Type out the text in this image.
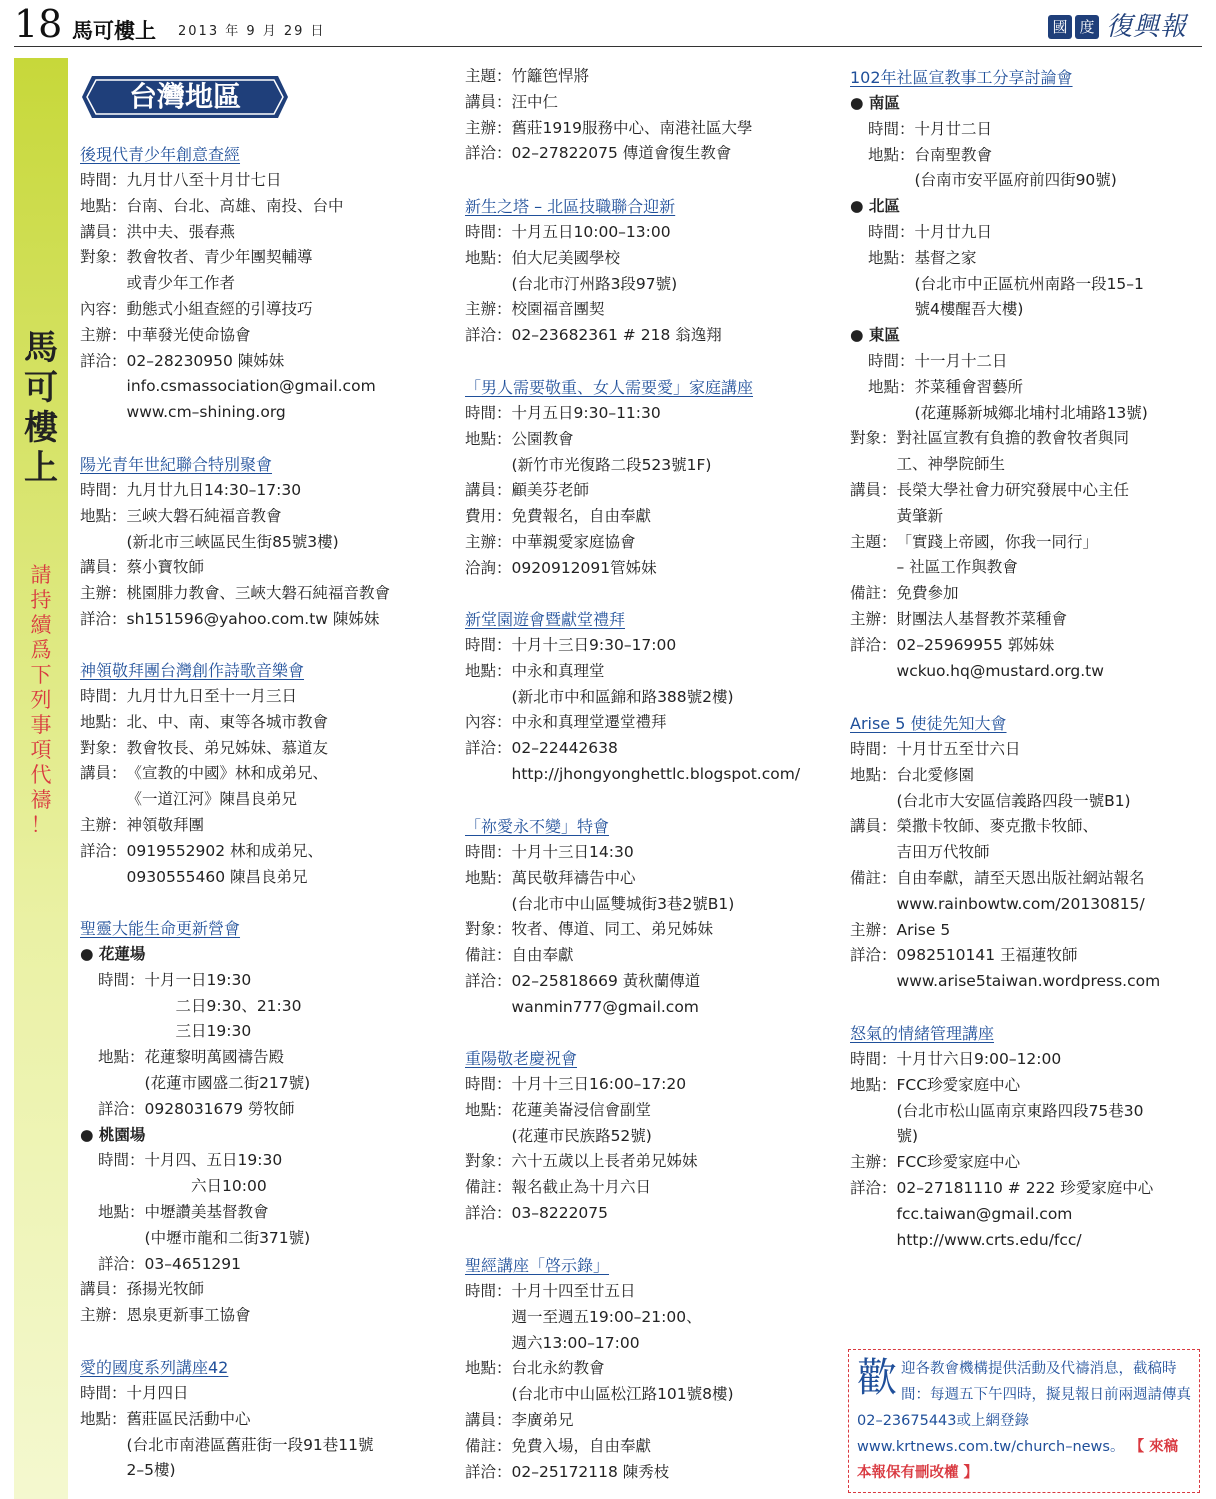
18 馬可樓上 2013 年 9 月 29 日	國 度 復興報
馬
可
樓
上
請
持
續
爲
下
列
事
項
代
禱
！
台灣地區
後現代青少年創意查經
時間： 九月廿八至十月廿七日
地點： 台南、台北、高雄、南投、台中
講員： 洪中夫、張春燕
對象： 教會牧者、青少年團契輔導
或青少年工作者
內容： 動態式小組查經的引導技巧
主辦： 中華發光使命協會
詳洽： 02–28230950 陳姊妹
info.csmassociation@gmail.com
www.cm–shining.org
陽光青年世紀聯合特別聚會
時間： 九月廿九日14:30–17:30
地點： 三峽大磐石純福音教會
(新北市三峽區民生街85號3樓)
講員： 蔡小寶牧師
主辦： 桃園腓力教會、三峽大磐石純福音教會
詳洽： sh151596@yahoo.com.tw 陳姊妹
神領敬拜團台灣創作詩歌音樂會
時間： 九月廿九日至十一月三日
地點： 北、中、南、東等各城市教會
對象： 教會牧長、弟兄姊妹、慕道友
講員： 《宣教的中國》林和成弟兄、
《一道江河》陳昌良弟兄
主辦： 神領敬拜團
詳洽： 0919552902 林和成弟兄、
0930555460 陳昌良弟兄
聖靈大能生命更新營會
● 花蓮場
時間： 十月一日19:30
　　二日9:30、21:30
　　三日19:30
地點： 花蓮黎明萬國禱告殿
(花蓮市國盛二街217號)
詳洽： 0928031679 勞牧師
● 桃園場
時間： 十月四、五日19:30
　　　六日10:00
地點： 中壢讚美基督教會
(中壢市龍和二街371號)
詳洽： 03–4651291
講員： 孫揚光牧師
主辦： 恩泉更新事工協會
愛的國度系列講座42
時間： 十月四日
地點： 舊莊區民活動中心
(台北市南港區舊莊街一段91巷11號
2–5樓)
主題： 竹籬笆悍將
講員： 汪中仁
主辦： 舊莊1919服務中心、南港社區大學
詳洽： 02–27822075 傳道會復生教會
新生之塔 – 北區技職聯合迎新
時間： 十月五日10:00–13:00
地點： 伯大尼美國學校
(台北市汀州路3段97號)
主辦： 校園福音團契
詳洽： 02–23682361 # 218 翁逸翔
「男人需要敬重、女人需要愛」家庭講座
時間： 十月五日9:30–11:30
地點： 公園教會
(新竹市光復路二段523號1F)
講員： 顧美芬老師
費用： 免費報名，自由奉獻
主辦： 中華親愛家庭協會
洽詢： 0920912091管姊妹
新堂園遊會暨獻堂禮拜
時間： 十月十三日9:30–17:00
地點： 中永和真理堂
(新北市中和區錦和路388號2樓)
內容： 中永和真理堂遷堂禮拜
詳洽： 02–22442638
http://jhongyonghettlc.blogspot.com/
「祢愛永不變」特會
時間： 十月十三日14:30
地點： 萬民敬拜禱告中心
(台北市中山區雙城街3巷2號B1)
對象： 牧者、傳道、同工、弟兄姊妹
備註： 自由奉獻
詳洽： 02–25818669 黃秋蘭傳道
wanmin777@gmail.com
重陽敬老慶祝會
時間： 十月十三日16:00–17:20
地點： 花蓮美崙浸信會副堂
(花蓮市民族路52號)
對象： 六十五歲以上長者弟兄姊妹
備註： 報名截止為十月六日
詳洽： 03–8222075
聖經講座「啓示錄」
時間： 十月十四至廿五日
週一至週五19:00–21:00、
週六13:00–17:00
地點： 台北永約教會
(台北市中山區松江路101號8樓)
講員： 李廣弟兄
備註： 免費入場，自由奉獻
詳洽： 02–25172118 陳秀枝
102年社區宣教事工分享討論會
● 南區
時間： 十月廿二日
地點： 台南聖教會
(台南市安平區府前四街90號)
● 北區
時間： 十月廿九日
地點： 基督之家
(台北市中正區杭州南路一段15–1
號4樓醒吾大樓)
● 東區
時間： 十一月十二日
地點： 芥菜種會習藝所
(花蓮縣新城鄉北埔村北埔路13號)
對象： 對社區宣教有負擔的教會牧者與同
工、神學院師生
講員： 長榮大學社會力研究發展中心主任
黃肇新
主題： 「實踐上帝國，你我一同行」
– 社區工作與教會
備註： 免費參加
主辦： 財團法人基督教芥菜種會
詳洽： 02–25969955 郭姊妹
wckuo.hq@mustard.org.tw
Arise 5 使徒先知大會
時間： 十月廿五至廿六日
地點： 台北愛修園
(台北市大安區信義路四段一號B1)
講員： 榮撒卡牧師、麥克撒卡牧師、
吉田万代牧師
備註： 自由奉獻，請至天恩出版社網站報名
www.rainbowtw.com/20130815/
主辦： Arise 5
詳洽： 0982510141 王福蓮牧師
www.arise5taiwan.wordpress.com
怒氣的情緒管理講座
時間： 十月廿六日9:00–12:00
地點： FCC珍愛家庭中心
(台北市松山區南京東路四段75巷30
號)
主辦： FCC珍愛家庭中心
詳洽： 02–27181110 # 222 珍愛家庭中心
fcc.taiwan@gmail.com
http://www.crts.edu/fcc/
歡 迎各教會機構提供活動及代禱消息，截稿時間：每週五下午四時，擬見報日前兩週請傳真02–23675443或上網登錄www.krtnews.com.tw/church–news。 【 來稿本報保有刪改權 】
